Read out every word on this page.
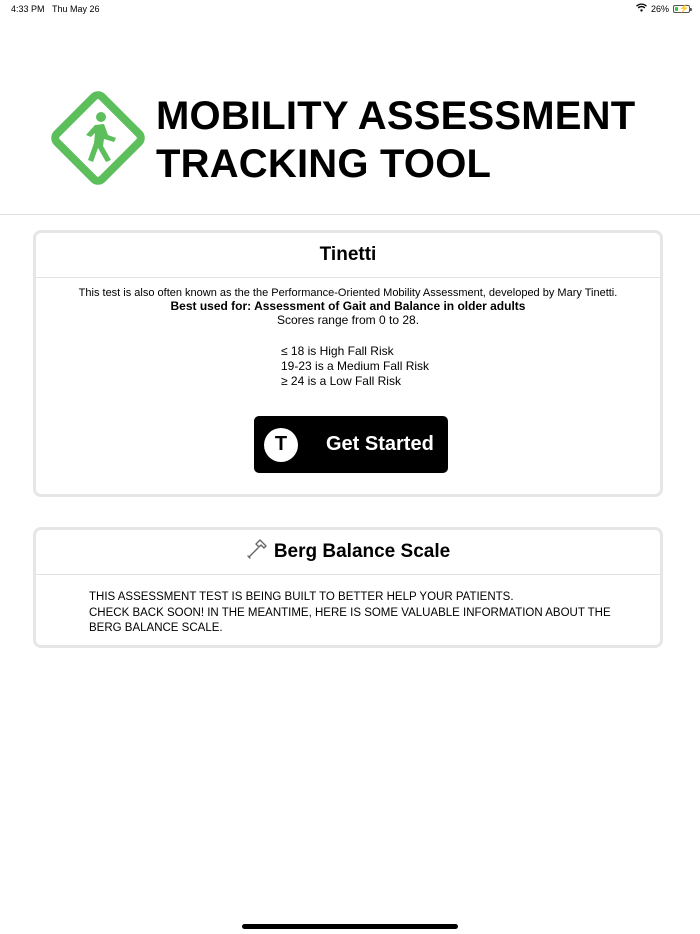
4:33 PM Thu May 26	26% ⚡
MOBILITY ASSESSMENT
TRACKING TOOL
Tinetti
This test is also often known as the the Performance-Oriented Mobility Assessment, developed by Mary Tinetti.
Best used for: Assessment of Gait and Balance in older adults
Scores range from 0 to 28.
≤ 18 is High Fall Risk
19-23 is a Medium Fall Risk
≥ 24 is a Low Fall Risk
T	Get Started
Berg Balance Scale
THIS ASSESSMENT TEST IS BEING BUILT TO BETTER HELP YOUR PATIENTS.
CHECK BACK SOON! IN THE MEANTIME, HERE IS SOME VALUABLE INFORMATION ABOUT THE BERG BALANCE SCALE.
